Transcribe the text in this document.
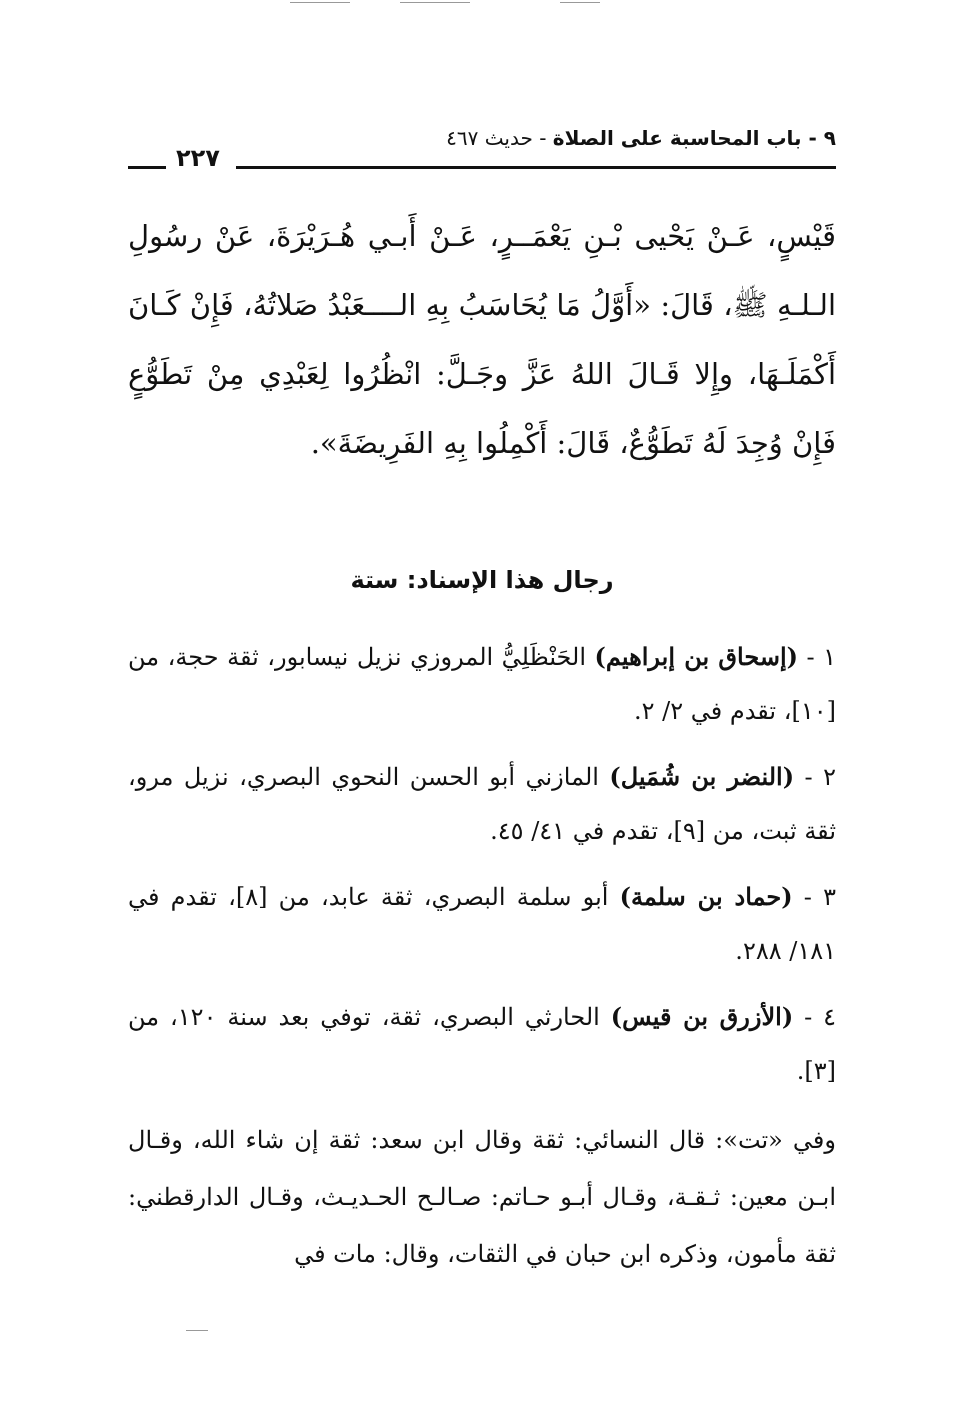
٩ - باب المحاسبة على الصلاة - حديث ٤٦٧
٢٢٧
قَيْسٍ، عَـنْ يَحْيى بْـنِ يَعْمَــرٍ، عَـنْ أَبـي هُـرَيْرَةَ، عَنْ رسُولِ الـلـهِ ﷺ، قَالَ: «أَوَّلُ مَا يُحَاسَبُ بِهِ الــــعَبْدُ صَلاتُهُ، فَإِنْ كَـانَ أَكْمَلَـهَا، وإِلا قَـالَ اللهُ عَزَّ وجَـلَّ: انْظُرُوا لِعَبْدِي مِنْ تَطَوُّعٍ فَإِنْ وُجِدَ لَهُ تَطَوُّعٌ، قَالَ: أَكْمِلُوا بِهِ الفَرِيضَةَ».
رجال هذا الإسناد: ستة

١ - (إسحاق بن إبراهيم) الحَنْظَلِيُّ المروزي نزيل نيسابور، ثقة حجة، من [١٠]، تقدم في ٢/ ٢.

٢ - (النضر بن شُمَيل) المازني أبو الحسن النحوي البصري، نزيل مرو، ثقة ثبت، من [٩]، تقدم في ٤١/ ٤٥.

٣ - (حماد بن سلمة) أبو سلمة البصري، ثقة عابد، من [٨]، تقدم في ١٨١/ ٢٨٨.

٤ - (الأزرق بن قيس) الحارثي البصري، ثقة، توفي بعد سنة ١٢٠، من [٣].

وفي «تت»: قال النسائي: ثقة وقال ابن سعد: ثقة إن شاء الله، وقـال ابـن معين: ثـقـة، وقـال أبـو حـاتم: صـالـح الحـديـث، وقـال الدارقطني: ثقة مأمون، وذكره ابن حبان في الثقات، وقال: مات في
